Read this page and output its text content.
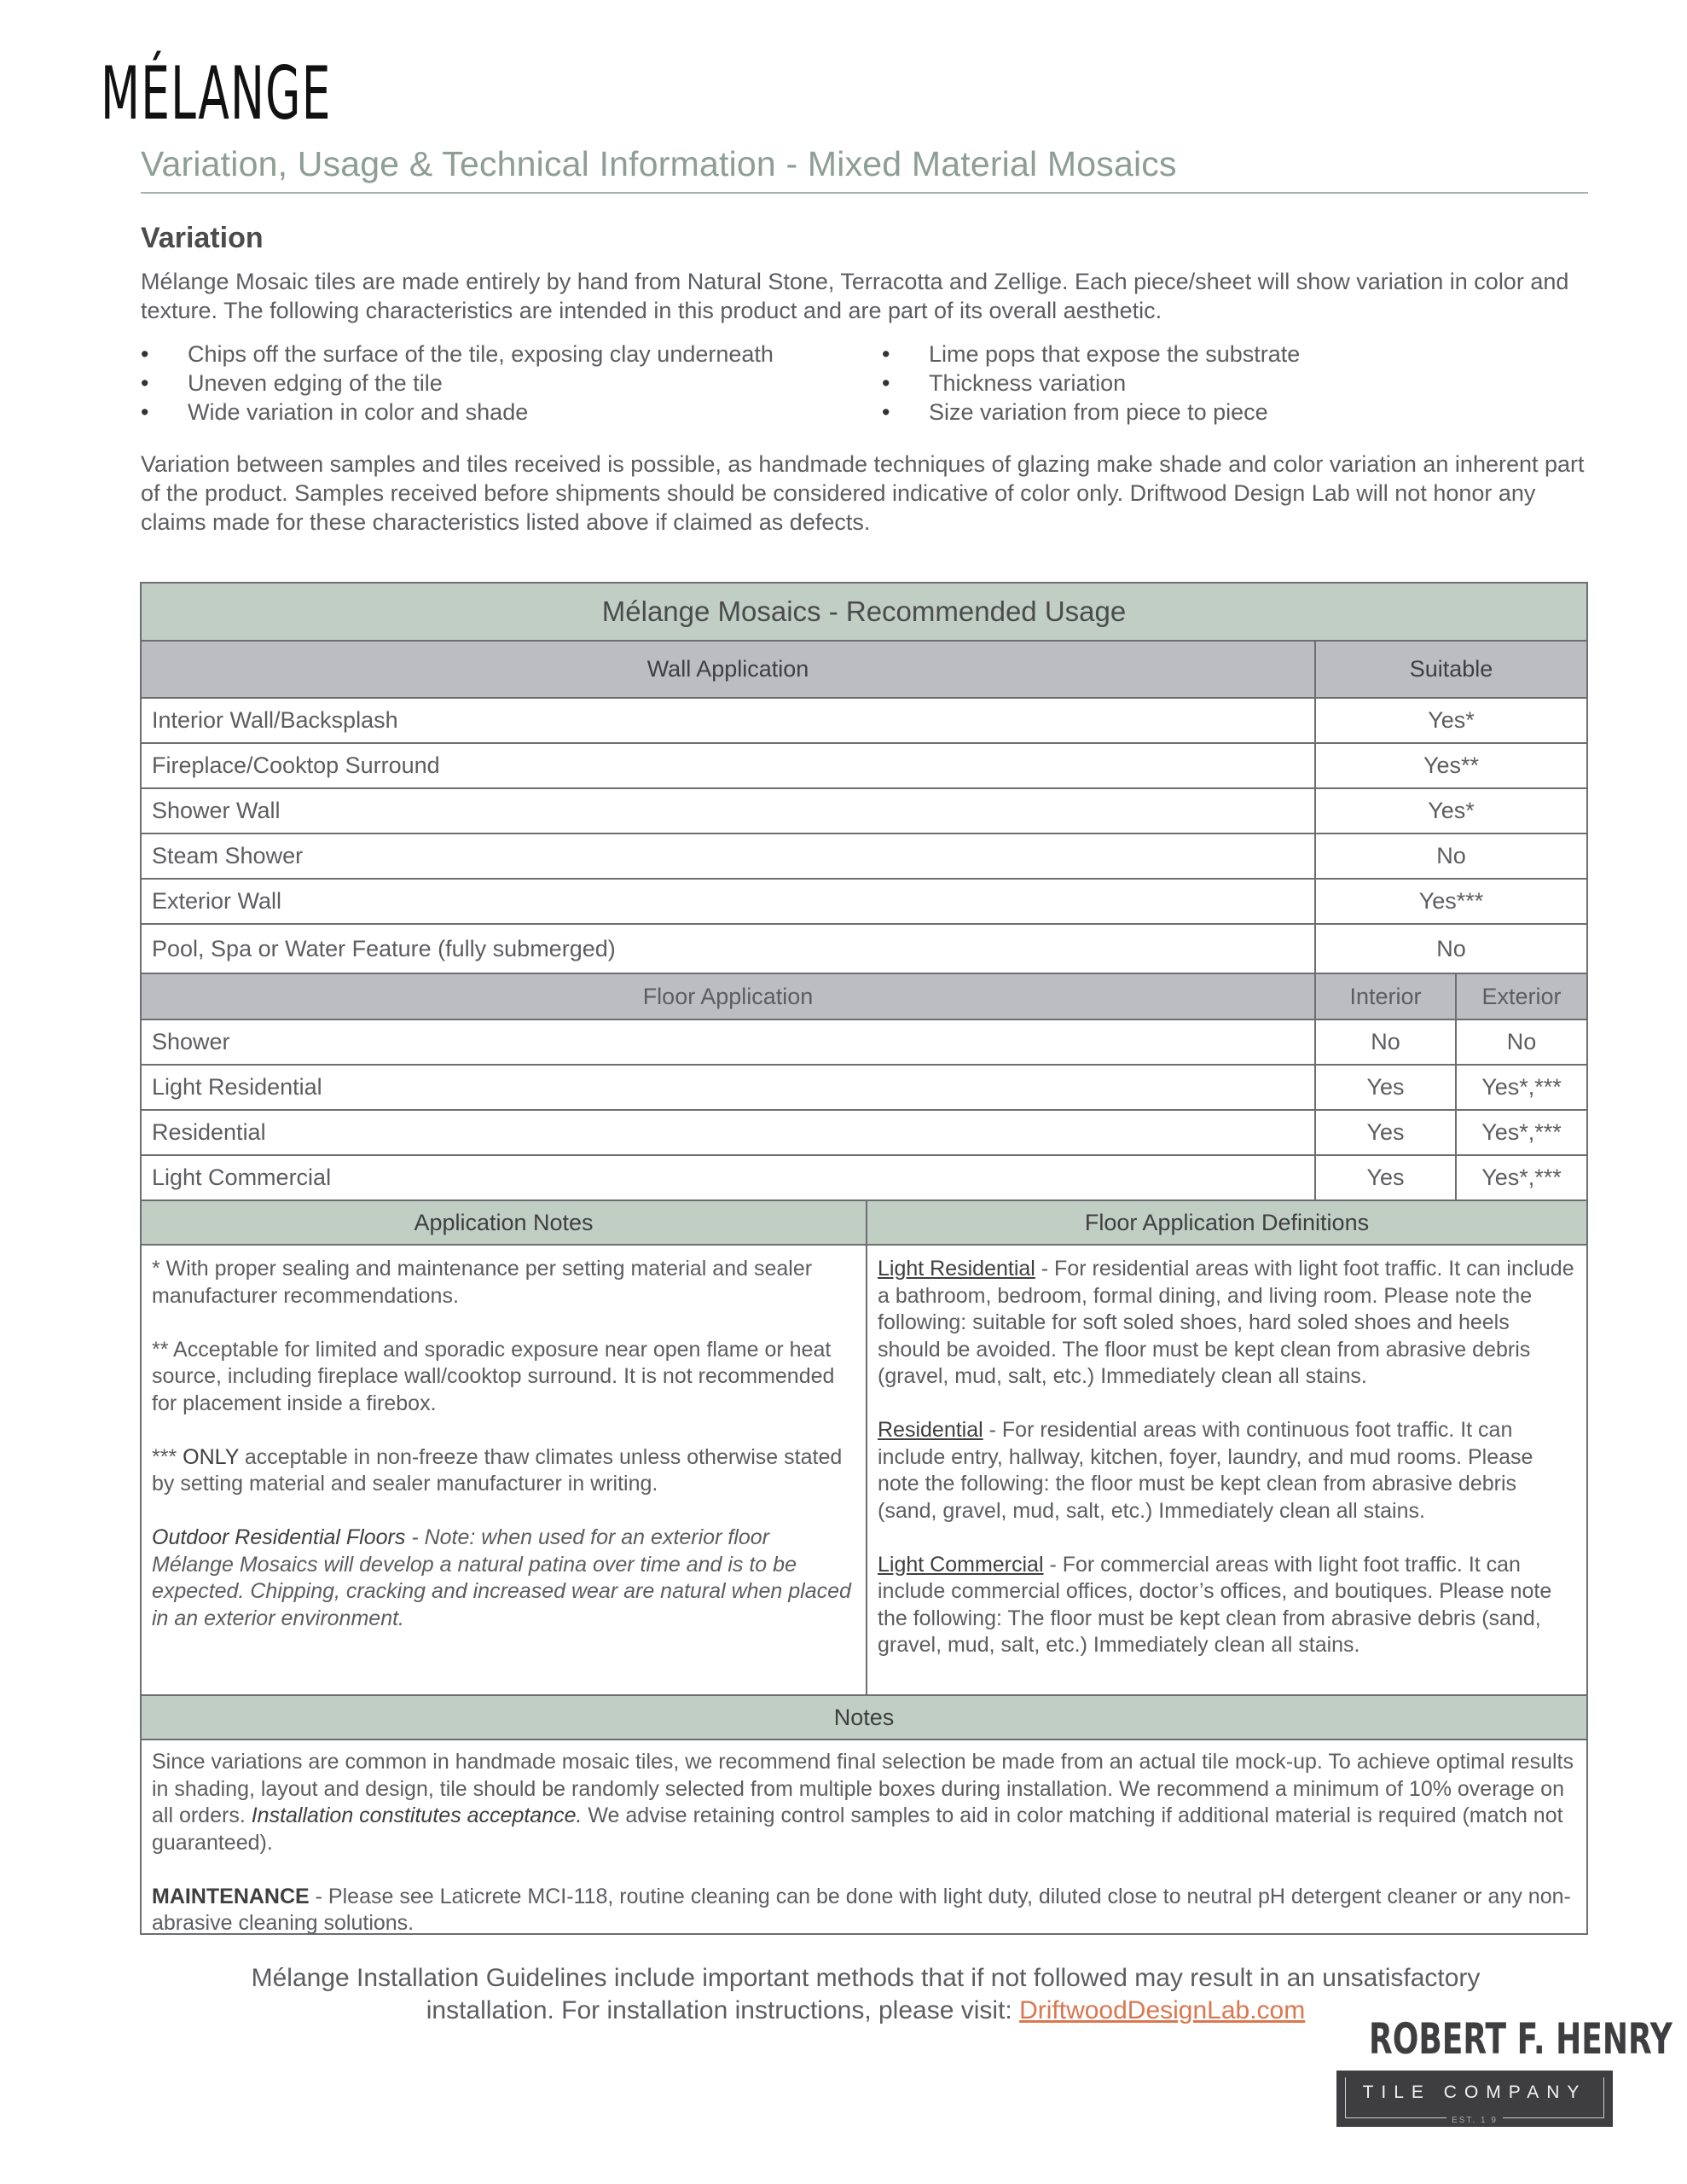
MÉLANGE
Variation, Usage & Technical Information - Mixed Material Mosaics
Variation
Mélange Mosaic tiles are made entirely by hand from Natural Stone, Terracotta and Zellige. Each piece/sheet will show variation in color and texture. The following characteristics are intended in this product and are part of its overall aesthetic.
• Chips off the surface of the tile, exposing clay underneath
• Uneven edging of the tile
• Wide variation in color and shade
• Lime pops that expose the substrate
• Thickness variation
• Size variation from piece to piece
Variation between samples and tiles received is possible, as handmade techniques of glazing make shade and color variation an inherent part of the product. Samples received before shipments should be considered indicative of color only. Driftwood Design Lab will not honor any claims made for these characteristics listed above if claimed as defects.
Mélange Mosaics - Recommended Usage
Wall Application	Suitable
Interior Wall/Backsplash	Yes*
Fireplace/Cooktop Surround	Yes**
Shower Wall	Yes*
Steam Shower	No
Exterior Wall	Yes***
Pool, Spa or Water Feature (fully submerged)	No
Floor Application	Interior	Exterior
Shower	No	No
Light Residential	Yes	Yes*,***
Residential	Yes	Yes*,***
Light Commercial	Yes	Yes*,***
Application Notes	Floor Application Definitions

* With proper sealing and maintenance per setting material and sealer manufacturer recommendations.

** Acceptable for limited and sporadic exposure near open flame or heat source, including fireplace wall/cooktop surround. It is not recommended for placement inside a firebox.

*** ONLY acceptable in non-freeze thaw climates unless otherwise stated by setting material and sealer manufacturer in writing.

Outdoor Residential Floors - Note: when used for an exterior floor Mélange Mosaics will develop a natural patina over time and is to be expected. Chipping, cracking and increased wear are natural when placed in an exterior environment.

Light Residential - For residential areas with light foot traffic. It can include a bathroom, bedroom, formal dining, and living room. Please note the following: suitable for soft soled shoes, hard soled shoes and heels should be avoided. The floor must be kept clean from abrasive debris (gravel, mud, salt, etc.) Immediately clean all stains.

Residential - For residential areas with continuous foot traffic. It can include entry, hallway, kitchen, foyer, laundry, and mud rooms. Please note the following: the floor must be kept clean from abrasive debris (sand, gravel, mud, salt, etc.) Immediately clean all stains.

Light Commercial - For commercial areas with light foot traffic. It can include commercial offices, doctor’s offices, and boutiques. Please note the following: The floor must be kept clean from abrasive debris (sand, gravel, mud, salt, etc.) Immediately clean all stains.

Notes

Since variations are common in handmade mosaic tiles, we recommend final selection be made from an actual tile mock-up. To achieve optimal results in shading, layout and design, tile should be randomly selected from multiple boxes during installation. We recommend a minimum of 10% overage on all orders. Installation constitutes acceptance. We advise retaining control samples to aid in color matching if additional material is required (match not guaranteed).

MAINTENANCE - Please see Laticrete MCI-118, routine cleaning can be done with light duty, diluted close to neutral pH detergent cleaner or any non-abrasive cleaning solutions.

Mélange Installation Guidelines include important methods that if not followed may result in an unsatisfactory
installation. For installation instructions, please visit: DriftwoodDesignLab.com
ROBERT F. HENRY
TILE COMPANY
EST. 1 9
